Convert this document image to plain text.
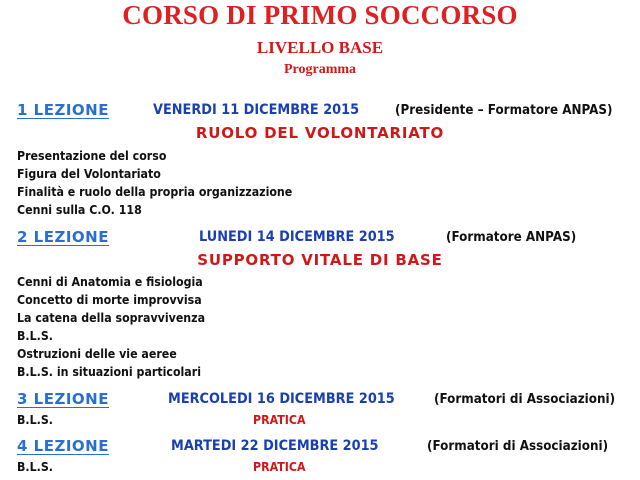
CORSO DI PRIMO SOCCORSO
LIVELLO BASE
Programma
1 LEZIONE	VENERDI 11 DICEMBRE 2015	(Presidente – Formatore ANPAS)
RUOLO DEL VOLONTARIATO
Presentazione del corso
Figura del Volontariato
Finalità e ruolo della propria organizzazione
Cenni sulla C.O. 118
2 LEZIONE	LUNEDI 14 DICEMBRE 2015	(Formatore ANPAS)
SUPPORTO VITALE DI BASE
Cenni di Anatomia e fisiologia
Concetto di morte improvvisa
La catena della sopravvivenza
B.L.S.
Ostruzioni delle vie aeree
B.L.S. in situazioni particolari
3 LEZIONE	MERCOLEDI 16 DICEMBRE 2015	(Formatori di Associazioni)
B.L.S.	PRATICA
4 LEZIONE	MARTEDI 22 DICEMBRE 2015	(Formatori di Associazioni)
B.L.S.	PRATICA
